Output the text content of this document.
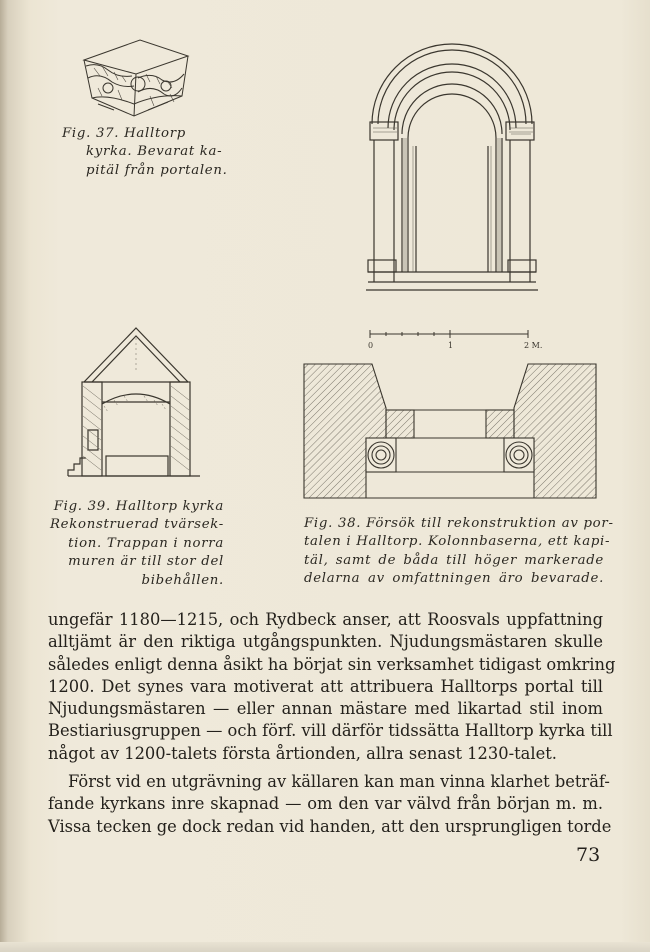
Fig. 37. Halltorp
kyrka. Bevarat ka-
pitäl från portalen.
0	1	2 M.
Fig. 39. Halltorp kyrka
Rekonstruerad tvärsek-
tion. Trappan i norra
muren är till stor del
bibehållen.
Fig. 38. Försök till rekonstruktion av por-
talen i Halltorp. Kolonnbaserna, ett kapi-
täl, samt de båda till höger markerade
delarna av omfattningen äro bevarade.
ungefär 1180—1215, och Rydbeck anser, att Roosvals uppfattning
alltjämt är den riktiga utgångspunkten. Njudungsmästaren skulle
således enligt denna åsikt ha börjat sin verksamhet tidigast omkring
1200. Det synes vara motiverat att attribuera Halltorps portal till
Njudungsmästaren — eller annan mästare med likartad stil inom
Bestiariusgruppen — och förf. vill därför tidssätta Halltorp kyrka till
något av 1200-talets första årtionden, allra senast 1230-talet.
Först vid en utgrävning av källaren kan man vinna klarhet beträf-
fande kyrkans inre skapnad — om den var välvd från början m. m.
Vissa tecken ge dock redan vid handen, att den ursprungligen torde
73
